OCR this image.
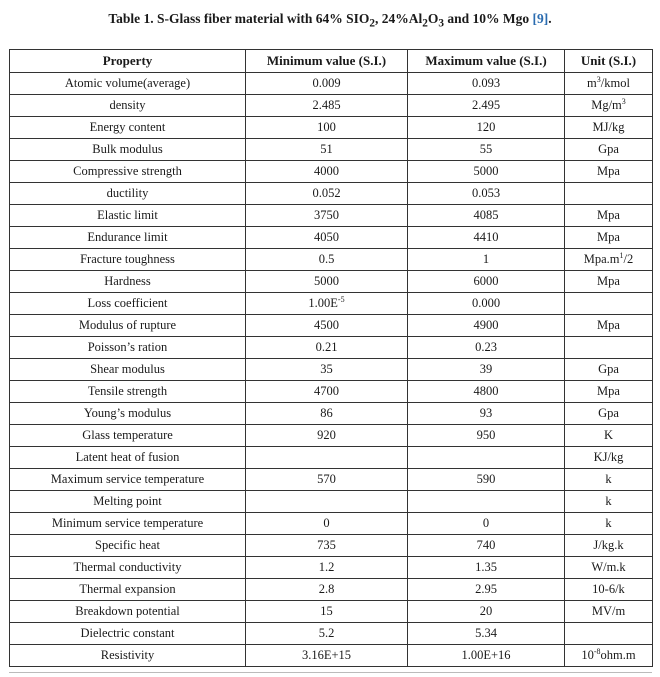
Table 1. S-Glass fiber material with 64% $SIO_2$, $24\%Al_2O_3$ and 10% Mgo [9].
Property	Minimum value (S.I.)	Maximum value (S.I.)	Unit (S.I.)
Atomic volume(average)	0.009	0.093	$m^3$/kmol
density	2.485	2.495	$Mg/m^3$
Energy content	100	120	MJ/kg
Bulk modulus	51	55	Gpa
Compressive strength	4000	5000	Mpa
ductility	0.052	0.053	
Elastic limit	3750	4085	Mpa
Endurance limit	4050	4410	Mpa
Fracture toughness	0.5	1	$Mpa.m^1/2$
Hardness	5000	6000	Mpa
Loss coefficient	$1.00E^{-5}$	0.000	
Modulus of rupture	4500	4900	Mpa
Poisson’s ration	0.21	0.23	
Shear modulus	35	39	Gpa
Tensile strength	4700	4800	Mpa
Young’s modulus	86	93	Gpa
Glass temperature	920	950	K
Latent heat of fusion			KJ/kg
Maximum service temperature	570	590	k
Melting point			k
Minimum service temperature	0	0	k
Specific heat	735	740	J/kg.k
Thermal conductivity	1.2	1.35	W/m.k
Thermal expansion	2.8	2.95	10-6/k
Breakdown potential	15	20	MV/m
Dielectric constant	5.2	5.34	
Resistivity	3.16E+15	1.00E+16	$10^{-8}ohm.m$
